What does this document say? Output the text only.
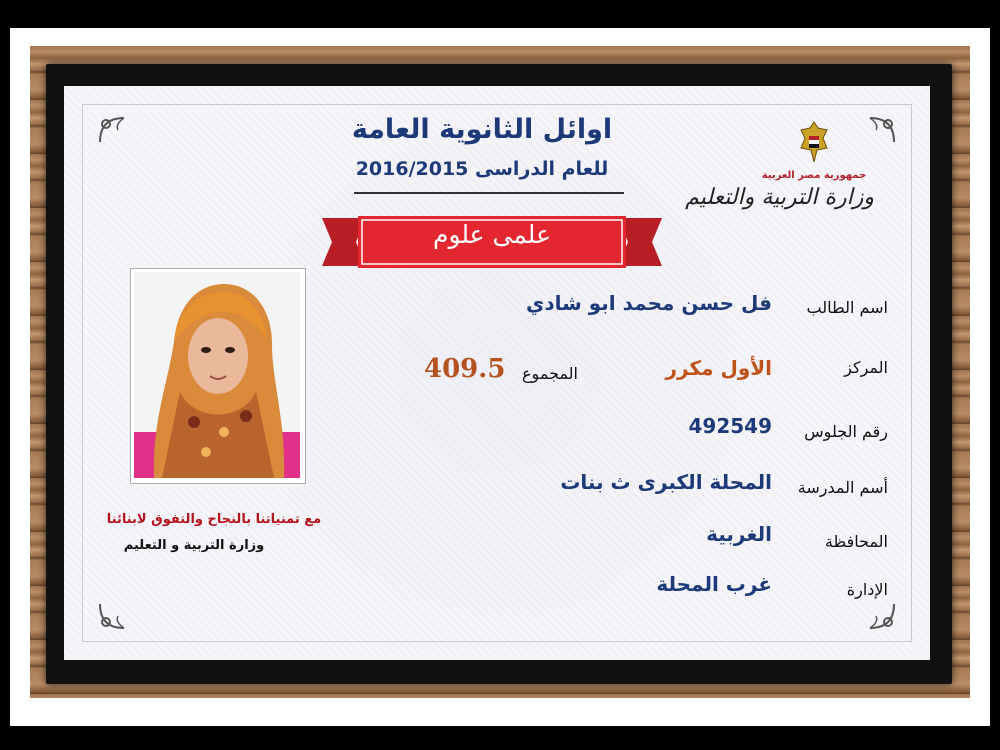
اوائل الثانوية العامة
للعام الدراسى 2016/2015
علمى علوم
جمهورية مصر العربية
وزارة التربية والتعليم
مع تمنياتنا بالنجاح والتفوق لابنائنا
وزارة التربية و التعليم
اسم الطالب
فل حسن محمد ابو شادي
المركز
الأول مكرر
المجموع
409.5
رقم الجلوس
492549
أسم المدرسة
المحلة الكبرى ث بنات
المحافظة
الغربية
الإدارة
غرب المحلة
